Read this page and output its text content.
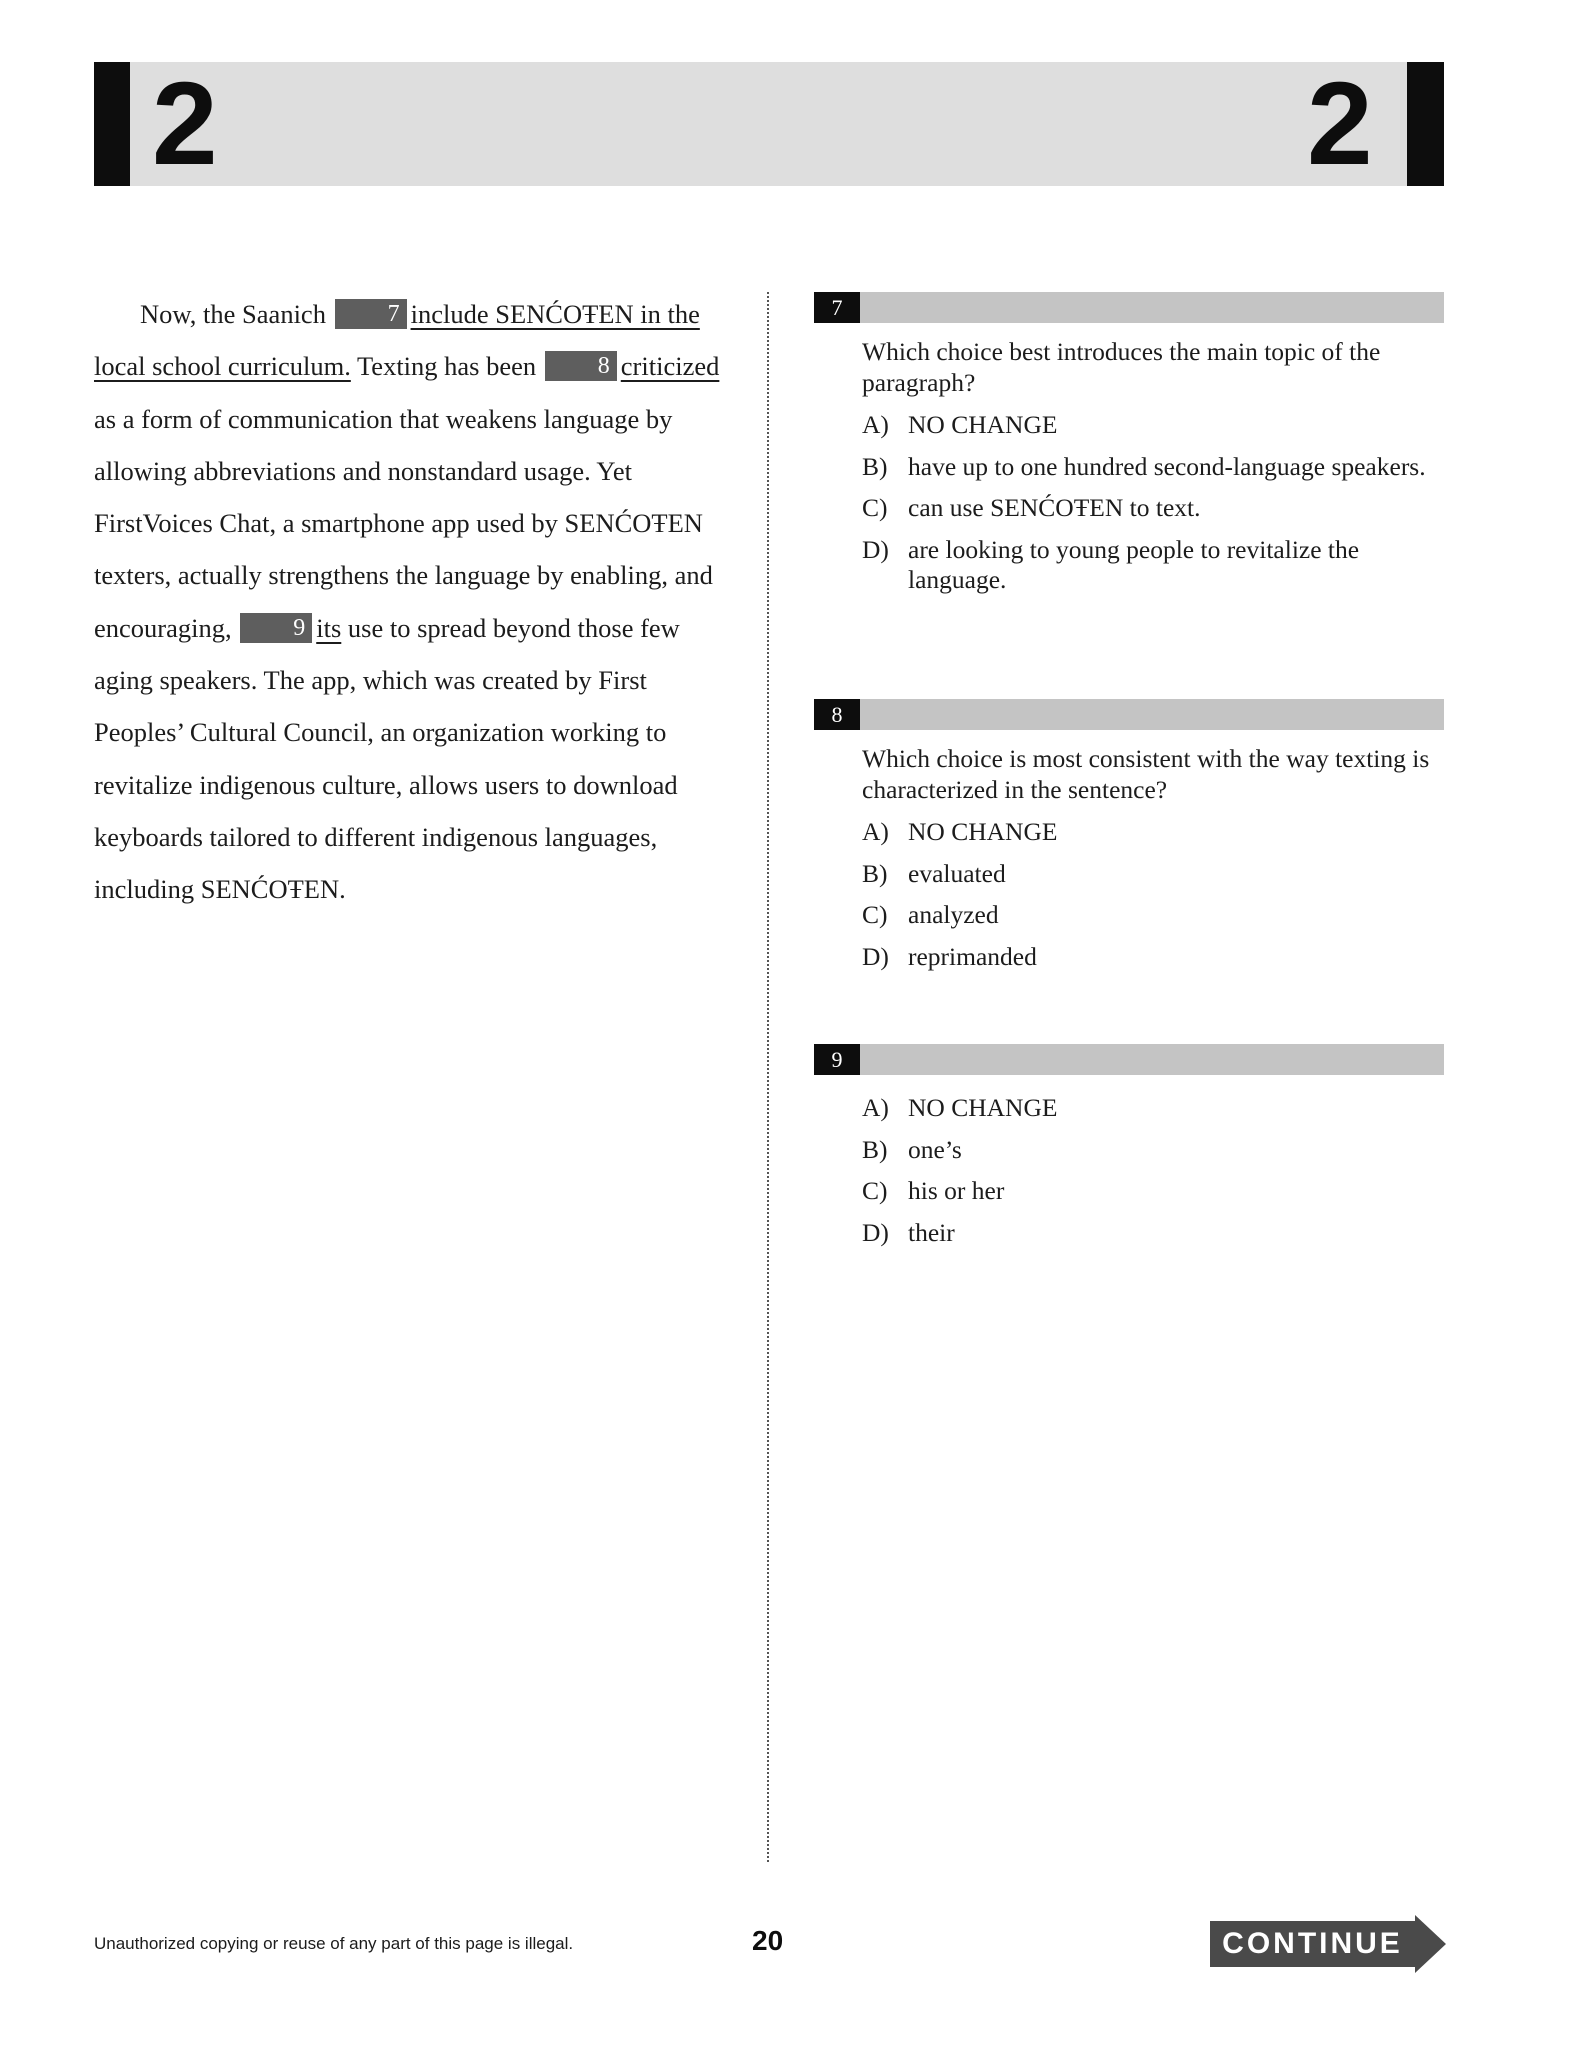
2	2

Now, the Saanich 7 include SENĆOŦEN in the local school curriculum. Texting has been 8 criticized as a form of communication that weakens language by allowing abbreviations and nonstandard usage. Yet FirstVoices Chat, a smartphone app used by SENĆOŦEN texters, actually strengthens the language by enabling, and encouraging, 9 its use to spread beyond those few aging speakers. The app, which was created by First Peoples’ Cultural Council, an organization working to revitalize indigenous culture, allows users to download keyboards tailored to different indigenous languages, including SENĆOŦEN.

7
Which choice best introduces the main topic of the paragraph?
A) NO CHANGE
B) have up to one hundred second-language speakers.
C) can use SENĆOŦEN to text.
D) are looking to young people to revitalize the language.
8
Which choice is most consistent with the way texting is characterized in the sentence?
A) NO CHANGE
B) evaluated
C) analyzed
D) reprimanded
9
A) NO CHANGE
B) one’s
C) his or her
D) their
Unauthorized copying or reuse of any part of this page is illegal.	20	CONTINUE
